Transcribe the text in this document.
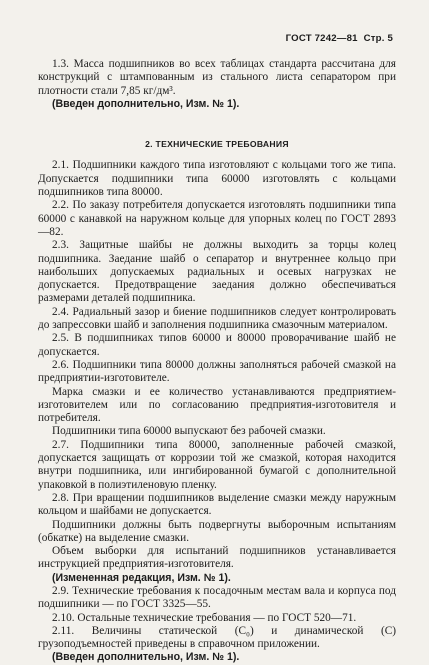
ГОСТ 7242—81 Стр. 5

1.3. Масса подшипников во всех таблицах стандарта рассчитана для конструкций с штампованным из стального листа сепаратором при плотности стали 7,85 кг/дм³.

(Введен дополнительно, Изм. № 1).

2. ТЕХНИЧЕСКИЕ ТРЕБОВАНИЯ

2.1. Подшипники каждого типа изготовляют с кольцами того же типа. Допускается подшипники типа 60000 изготовлять с кольцами подшипников типа 80000.

2.2. По заказу потребителя допускается изготовлять подшипники типа 60000 с канавкой на наружном кольце для упорных колец по ГОСТ 2893—82.

2.3. Защитные шайбы не должны выходить за торцы колец подшипника. Заедание шайб о сепаратор и внутреннее кольцо при наибольших допускаемых радиальных и осевых нагрузках не допускается. Предотвращение заедания должно обеспечиваться размерами деталей подшипника.

2.4. Радиальный зазор и биение подшипников следует контролировать до запрессовки шайб и заполнения подшипника смазочным материалом.

2.5. В подшипниках типов 60000 и 80000 проворачивание шайб не допускается.

2.6. Подшипники типа 80000 должны заполняться рабочей смазкой на предприятии-изготовителе.

Марка смазки и ее количество устанавливаются предприятием-изготовителем или по согласованию предприятия-изготовителя и потребителя.

Подшипники типа 60000 выпускают без рабочей смазки.

2.7. Подшипники типа 80000, заполненные рабочей смазкой, допускается защищать от коррозии той же смазкой, которая находится внутри подшипника, или ингибированной бумагой с дополнительной упаковкой в полиэтиленовую пленку.

2.8. При вращении подшипников выделение смазки между наружным кольцом и шайбами не допускается.

Подшипники должны быть подвергнуты выборочным испытаниям (обкатке) на выделение смазки.

Объем выборки для испытаний подшипников устанавливается инструкцией предприятия-изготовителя.

(Измененная редакция, Изм. № 1).

2.9. Технические требования к посадочным местам вала и корпуса под подшипники — по ГОСТ 3325—55.

2.10. Остальные технические требования — по ГОСТ 520—71.

2.11. Величины статической (C₀) и динамической (C) грузоподъемностей приведены в справочном приложении.

(Введен дополнительно, Изм. № 1).
